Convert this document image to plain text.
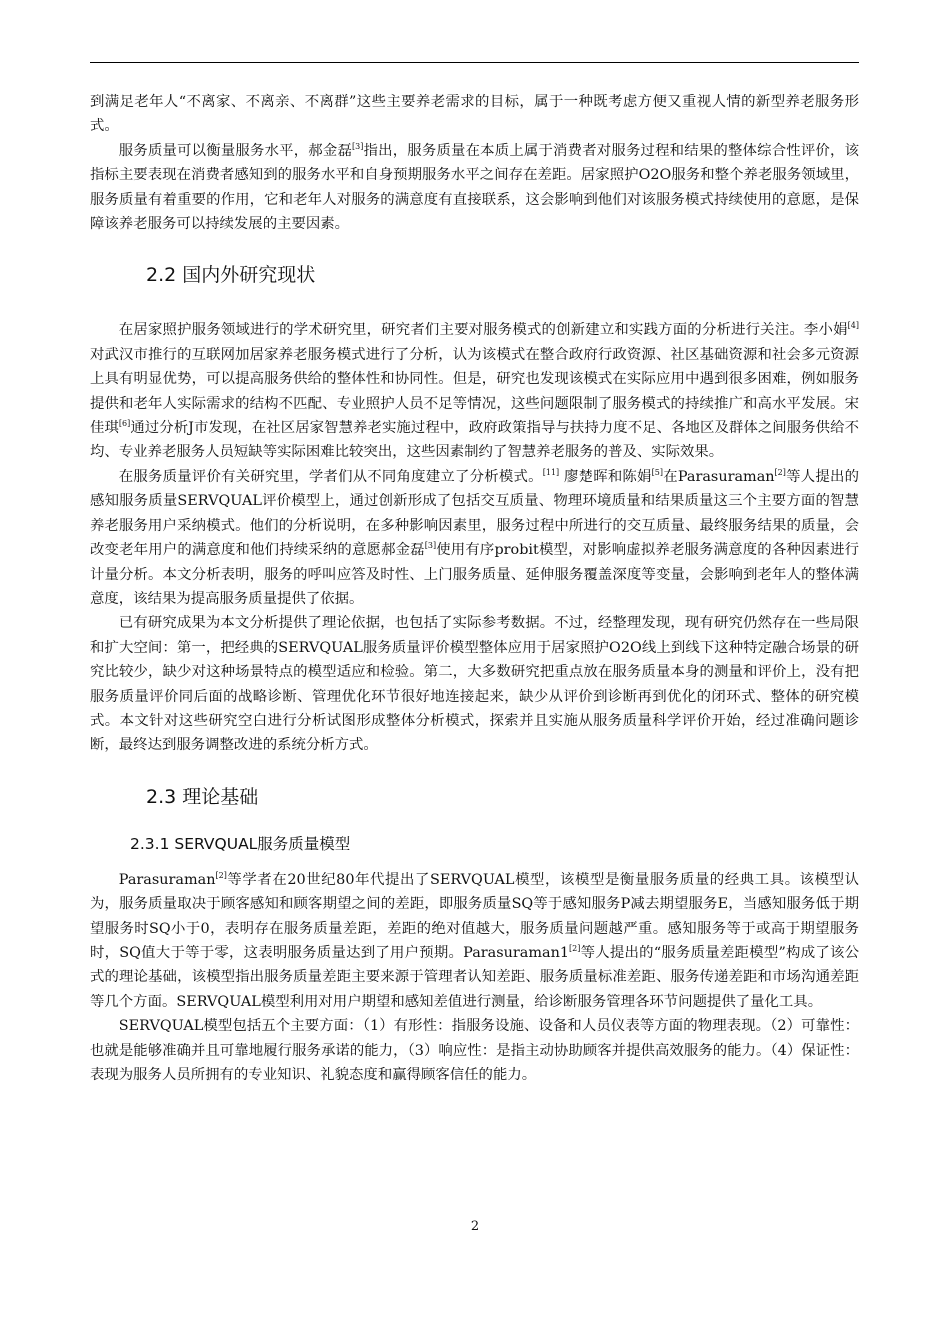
到满足老年人“不离家、不离亲、不离群”这些主要养老需求的目标，属于一种既考虑方便又重视人情的新型养老服务形式。

服务质量可以衡量服务水平，郝金磊[3]指出，服务质量在本质上属于消费者对服务过程和结果的整体综合性评价，该指标主要表现在消费者感知到的服务水平和自身预期服务水平之间存在差距。居家照护O2O服务和整个养老服务领域里，服务质量有着重要的作用，它和老年人对服务的满意度有直接联系，这会影响到他们对该服务模式持续使用的意愿，是保障该养老服务可以持续发展的主要因素。

2.2 国内外研究现状

在居家照护服务领域进行的学术研究里，研究者们主要对服务模式的创新建立和实践方面的分析进行关注。李小娟[4]对武汉市推行的互联网加居家养老服务模式进行了分析，认为该模式在整合政府行政资源、社区基础资源和社会多元资源上具有明显优势，可以提高服务供给的整体性和协同性。但是，研究也发现该模式在实际应用中遇到很多困难，例如服务提供和老年人实际需求的结构不匹配、专业照护人员不足等情况，这些问题限制了服务模式的持续推广和高水平发展。宋佳琪[6]通过分析J市发现，在社区居家智慧养老实施过程中，政府政策指导与扶持力度不足、各地区及群体之间服务供给不均、专业养老服务人员短缺等实际困难比较突出，这些因素制约了智慧养老服务的普及、实际效果。

在服务质量评价有关研究里，学者们从不同角度建立了分析模式。[11] 廖楚晖和陈娟[5]在Parasuraman[2]等人提出的感知服务质量SERVQUAL评价模型上，通过创新形成了包括交互质量、物理环境质量和结果质量这三个主要方面的智慧养老服务用户采纳模式。他们的分析说明，在多种影响因素里，服务过程中所进行的交互质量、最终服务结果的质量，会改变老年用户的满意度和他们持续采纳的意愿郝金磊[3]使用有序probit模型，对影响虚拟养老服务满意度的各种因素进行计量分析。本文分析表明，服务的呼叫应答及时性、上门服务质量、延伸服务覆盖深度等变量，会影响到老年人的整体满意度，该结果为提高服务质量提供了依据。

已有研究成果为本文分析提供了理论依据，也包括了实际参考数据。不过，经整理发现，现有研究仍然存在一些局限和扩大空间：第一，把经典的SERVQUAL服务质量评价模型整体应用于居家照护O2O线上到线下这种特定融合场景的研究比较少，缺少对这种场景特点的模型适应和检验。第二，大多数研究把重点放在服务质量本身的测量和评价上，没有把服务质量评价同后面的战略诊断、管理优化环节很好地连接起来，缺少从评价到诊断再到优化的闭环式、整体的研究模式。本文针对这些研究空白进行分析试图形成整体分析模式，探索并且实施从服务质量科学评价开始，经过准确问题诊断，最终达到服务调整改进的系统分析方式。

2.3 理论基础
2.3.1 SERVQUAL服务质量模型

Parasuraman[2]等学者在20世纪80年代提出了SERVQUAL模型，该模型是衡量服务质量的经典工具。该模型认为，服务质量取决于顾客感知和顾客期望之间的差距，即服务质量SQ等于感知服务P减去期望服务E，当感知服务低于期望服务时SQ小于0，表明存在服务质量差距，差距的绝对值越大，服务质量问题越严重。感知服务等于或高于期望服务时，SQ值大于等于零，这表明服务质量达到了用户预期。Parasuraman1[2]等人提出的“服务质量差距模型”构成了该公式的理论基础，该模型指出服务质量差距主要来源于管理者认知差距、服务质量标准差距、服务传递差距和市场沟通差距等几个方面。SERVQUAL模型利用对用户期望和感知差值进行测量，给诊断服务管理各环节问题提供了量化工具。

SERVQUAL模型包括五个主要方面：（1）有形性：指服务设施、设备和人员仪表等方面的物理表现。（2）可靠性：也就是能够准确并且可靠地履行服务承诺的能力，（3）响应性：是指主动协助顾客并提供高效服务的能力。（4）保证性：表现为服务人员所拥有的专业知识、礼貌态度和赢得顾客信任的能力。

2
